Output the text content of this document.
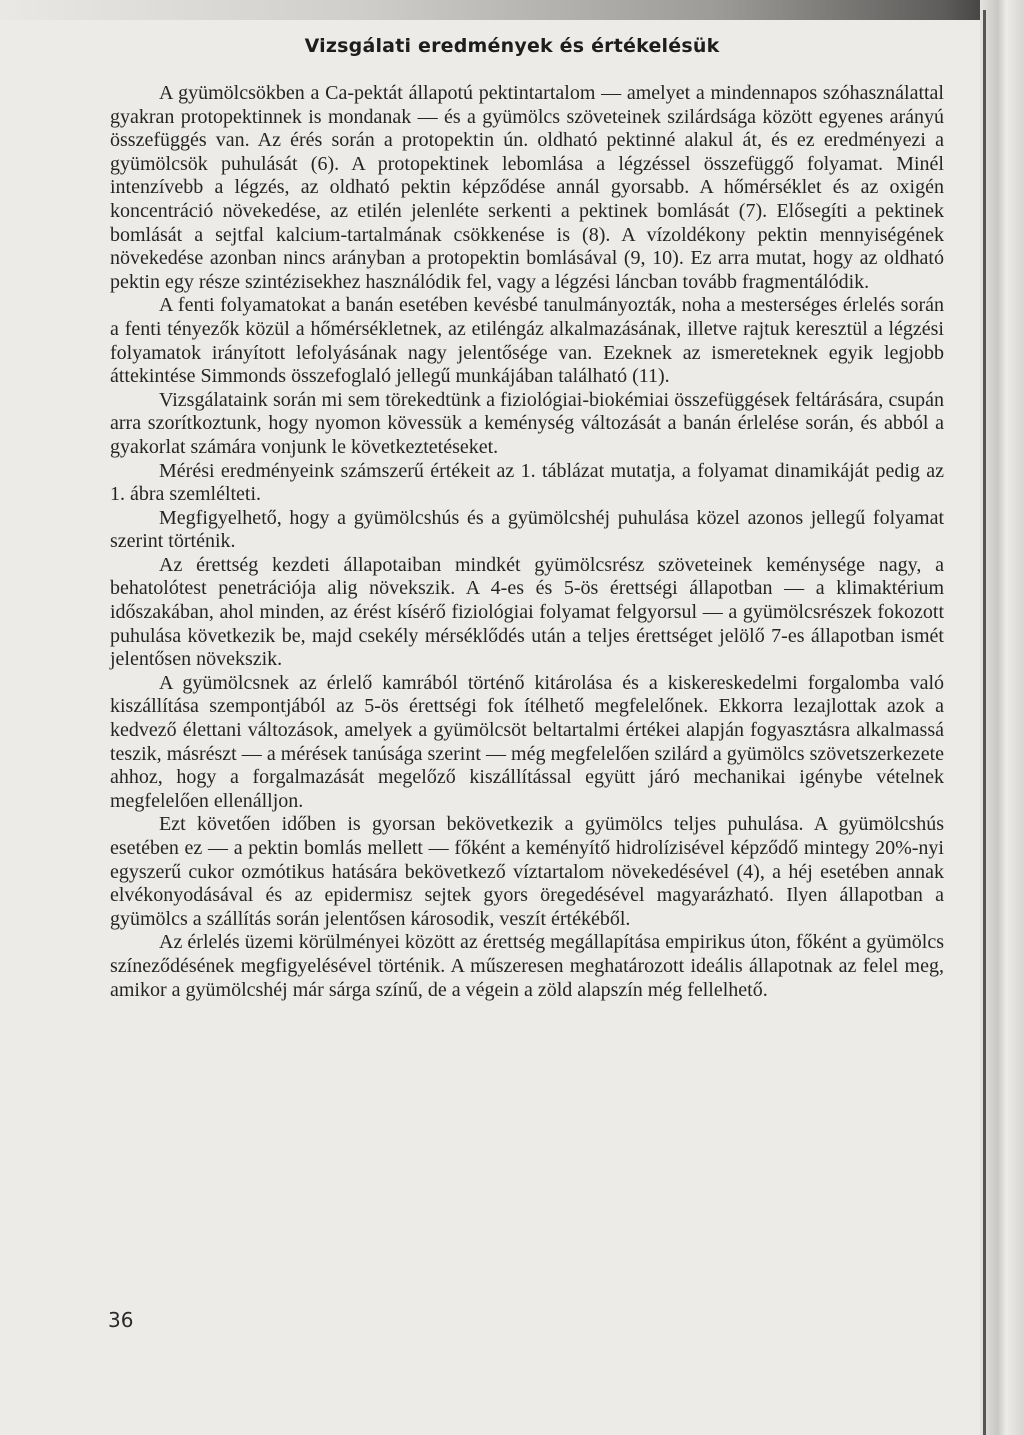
Vizsgálati eredmények és értékelésük

A gyümölcsökben a Ca-pektát állapotú pektintartalom — amelyet a mindennapos szóhasználattal gyakran protopektinnek is mondanak — és a gyümölcs szöveteinek szilárdsága között egyenes arányú összefüggés van. Az érés során a protopektin ún. oldható pektinné alakul át, és ez eredményezi a gyümölcsök puhulását (6). A protopektinek lebomlása a légzéssel összefüggő folyamat. Minél intenzívebb a légzés, az oldható pektin képződése annál gyorsabb. A hőmérséklet és az oxigén koncentráció növekedése, az etilén jelenléte serkenti a pektinek bomlását (7). Elősegíti a pektinek bomlását a sejtfal kalcium-tartalmának csökkenése is (8). A vízoldékony pektin mennyiségének növekedése azonban nincs arányban a protopektin bomlásával (9, 10). Ez arra mutat, hogy az oldható pektin egy része szintézisekhez használódik fel, vagy a légzési láncban tovább fragmentálódik.

A fenti folyamatokat a banán esetében kevésbé tanulmányozták, noha a mesterséges érlelés során a fenti tényezők közül a hőmérsékletnek, az etiléngáz alkalmazásának, illetve rajtuk keresztül a légzési folyamatok irányított lefolyásának nagy jelentősége van. Ezeknek az ismereteknek egyik legjobb áttekintése Simmonds összefoglaló jellegű munkájában található (11).

Vizsgálataink során mi sem törekedtünk a fiziológiai-biokémiai összefüggések feltárására, csupán arra szorítkoztunk, hogy nyomon kövessük a keménység változását a banán érlelése során, és abból a gyakorlat számára vonjunk le következtetéseket.

Mérési eredményeink számszerű értékeit az 1. táblázat mutatja, a folyamat dinamikáját pedig az 1. ábra szemlélteti.

Megfigyelhető, hogy a gyümölcshús és a gyümölcshéj puhulása közel azonos jellegű folyamat szerint történik.

Az érettség kezdeti állapotaiban mindkét gyümölcsrész szöveteinek keménysége nagy, a behatolótest penetrációja alig növekszik. A 4-es és 5-ös érettségi állapotban — a klimaktérium időszakában, ahol minden, az érést kísérő fiziológiai folyamat felgyorsul — a gyümölcsrészek fokozott puhulása következik be, majd csekély mérséklődés után a teljes érettséget jelölő 7-es állapotban ismét jelentősen növekszik.

A gyümölcsnek az érlelő kamrából történő kitárolása és a kiskereskedelmi forgalomba való kiszállítása szempontjából az 5-ös érettségi fok ítélhető megfelelőnek. Ekkorra lezajlottak azok a kedvező élettani változások, amelyek a gyümölcsöt beltartalmi értékei alapján fogyasztásra alkalmassá teszik, másrészt — a mérések tanúsága szerint — még megfelelően szilárd a gyümölcs szövetszerkezete ahhoz, hogy a forgalmazását megelőző kiszállítással együtt járó mechanikai igénybe vételnek megfelelően ellenálljon.

Ezt követően időben is gyorsan bekövetkezik a gyümölcs teljes puhulása. A gyümölcshús esetében ez — a pektin bomlás mellett — főként a keményítő hidrolízisével képződő mintegy 20%-nyi egyszerű cukor ozmótikus hatására bekövetkező víztartalom növekedésével (4), a héj esetében annak elvékonyodásával és az epidermisz sejtek gyors öregedésével magyarázható. Ilyen állapotban a gyümölcs a szállítás során jelentősen károsodik, veszít értékéből.

Az érlelés üzemi körülményei között az érettség megállapítása empirikus úton, főként a gyümölcs színeződésének megfigyelésével történik. A műszeresen meghatározott ideális állapotnak az felel meg, amikor a gyümölcshéj már sárga színű, de a végein a zöld alapszín még fellelhető.

36
